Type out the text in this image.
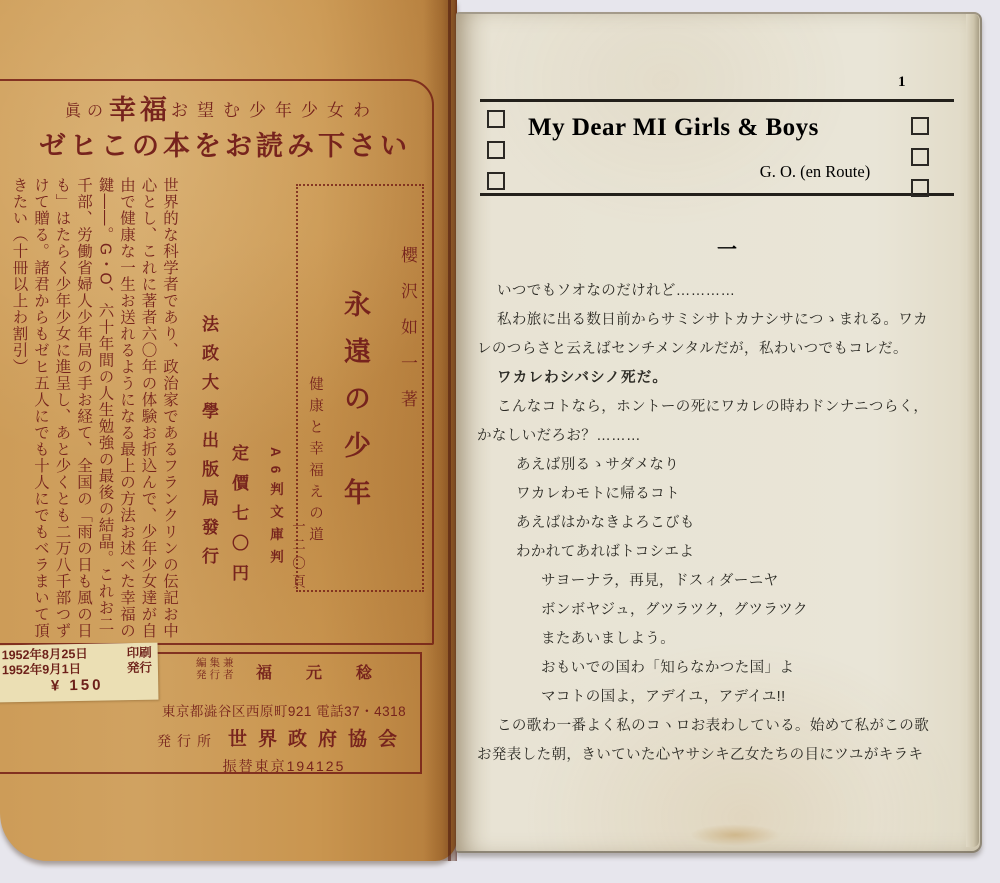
眞の幸福お望む少年少女わ
ゼヒこの本をお読み下さい
世界的な科学者であり、政治家であるフランクリンの伝記お中
心とし、これに著者六〇年の体験お折込んで、少年少女達が自
由で健康な一生お送れるようになる最上の方法お述べた幸福の
鍵――。G・O、六十年間の人生勉強の最後の結晶。これお二
千部、労働省婦人少年局の手お経て、全国の「雨の日も風の日
も」はたらく少年少女に進呈し、あと少くとも二万八千部つず
けて贈る。諸君からもゼヒ五人にでも十人にでもベラまいて頂
きたい（十冊以上わ割引）	櫻沢如一著
永遠の少年
健康と幸福えの道
A6判文庫判 一二〇頁
定價七〇円
法政大學出版局發行
編集兼
発行者 福　元　稔
東京都澁谷区西原町921 電話37・4318
発行所 世界政府協会
振替東京194125
1952年8月25日	印刷
1952年9月1日	発行
¥ 150
1
My Dear MI Girls & Boys
G. O. (en Route)
一
いつでもソオなのだけれど…………
私わ旅に出る数日前からサミシサトカナシサにつゝまれる。ワカ
レのつらさと云えばセンチメンタルだが，私わいつでもコレだ。
ワカレわシバシノ死だ。
こんなコトなら，ホントーの死にワカレの時わドンナニつらく，
かなしいだろお？………
あえば別るゝサダメなり
ワカレわモトに帰るコト
あえばはかなきよろこびも
わかれてあればトコシエよ
サヨーナラ，再見，ドスィダーニヤ
ボンボヤジュ，グツラツク，グツラツク
またあいましよう。
おもいでの国わ「知らなかつた国」よ
マコトの国よ，アデイユ，アデイユ!!
この歌わ一番よく私のコヽロお表わしている。始めて私がこの歌
お発表した朝，きいていた心ヤサシキ乙女たちの目にツユがキラキ
